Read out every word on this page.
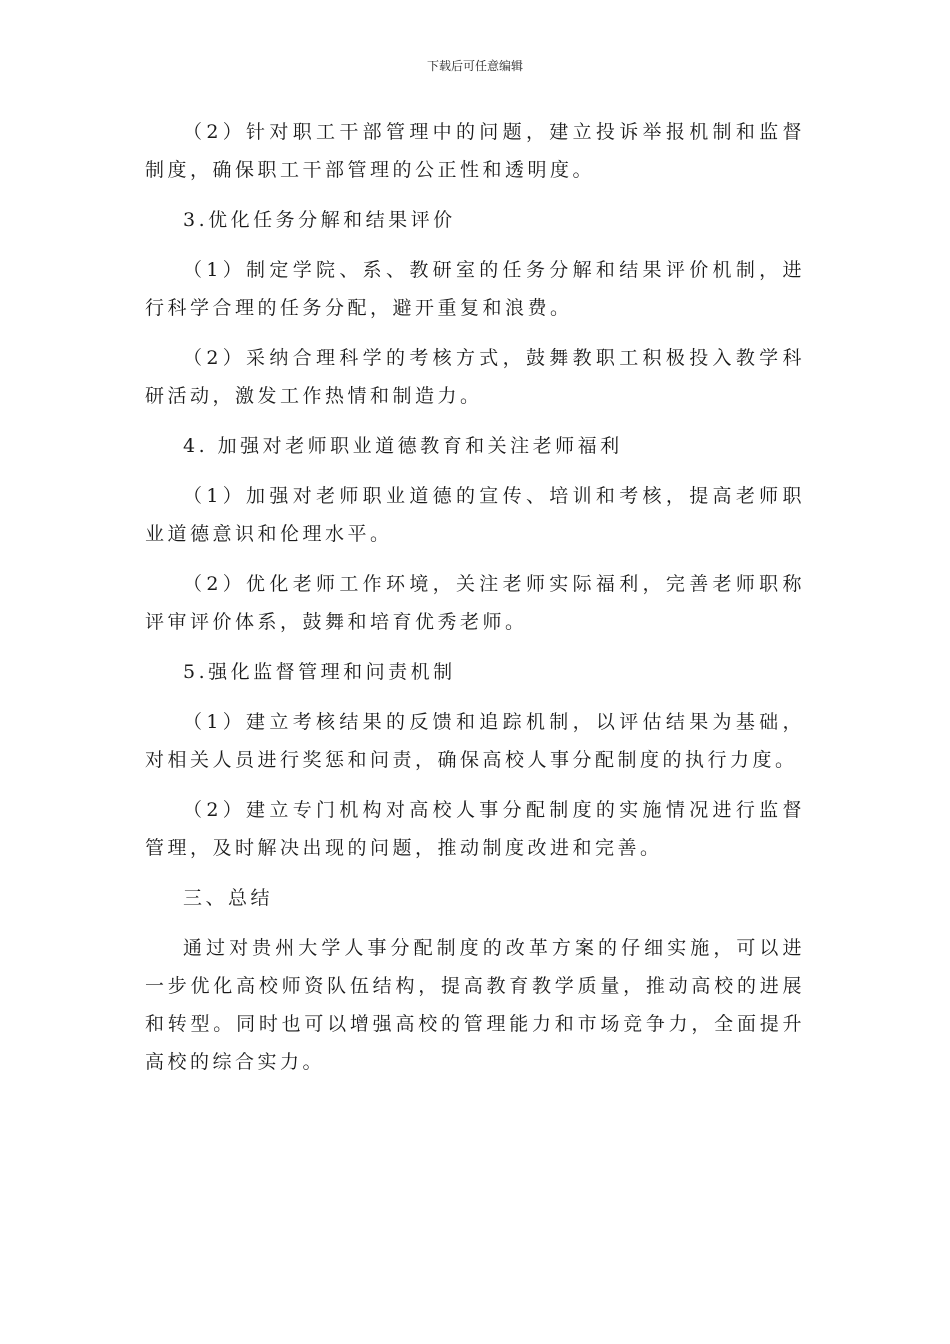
下载后可任意编辑

（2）针对职工干部管理中的问题，建立投诉举报机制和监督制度，确保职工干部管理的公正性和透明度。

3.优化任务分解和结果评价

（1）制定学院、系、教研室的任务分解和结果评价机制，进行科学合理的任务分配，避开重复和浪费。

（2）采纳合理科学的考核方式，鼓舞教职工积极投入教学科研活动，激发工作热情和制造力。

4. 加强对老师职业道德教育和关注老师福利

（1）加强对老师职业道德的宣传、培训和考核，提高老师职业道德意识和伦理水平。

（2）优化老师工作环境，关注老师实际福利，完善老师职称评审评价体系，鼓舞和培育优秀老师。

5.强化监督管理和问责机制

（1）建立考核结果的反馈和追踪机制，以评估结果为基础，对相关人员进行奖惩和问责，确保高校人事分配制度的执行力度。

（2）建立专门机构对高校人事分配制度的实施情况进行监督管理，及时解决出现的问题，推动制度改进和完善。

三、总结

通过对贵州大学人事分配制度的改革方案的仔细实施，可以进一步优化高校师资队伍结构，提高教育教学质量，推动高校的进展和转型。同时也可以增强高校的管理能力和市场竞争力，全面提升高校的综合实力。
